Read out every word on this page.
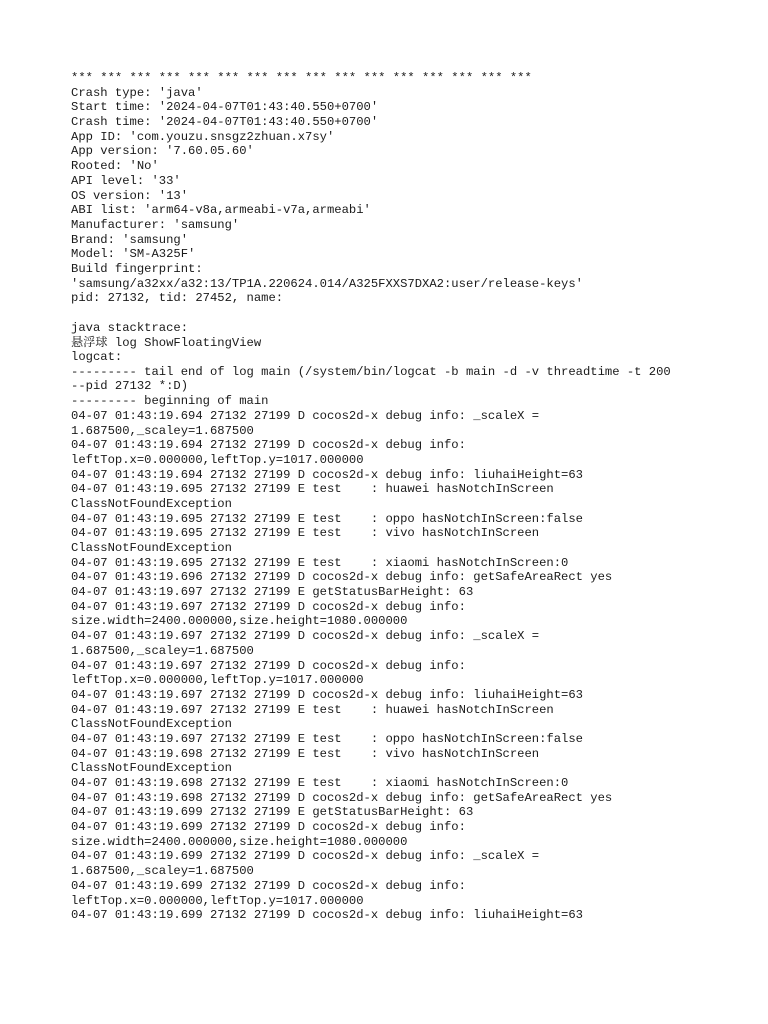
*** *** *** *** *** *** *** *** *** *** *** *** *** *** *** ***
Crash type: 'java'
Start time: '2024-04-07T01:43:40.550+0700'
Crash time: '2024-04-07T01:43:40.550+0700'
App ID: 'com.youzu.snsgz2zhuan.x7sy'
App version: '7.60.05.60'
Rooted: 'No'
API level: '33'
OS version: '13'
ABI list: 'arm64-v8a,armeabi-v7a,armeabi'
Manufacturer: 'samsung'
Brand: 'samsung'
Model: 'SM-A325F'
Build fingerprint:
'samsung/a32xx/a32:13/TP1A.220624.014/A325FXXS7DXA2:user/release-keys'
pid: 27132, tid: 27452, name:
java stacktrace:
悬浮球 log ShowFloatingView
logcat:
--------- tail end of log main (/system/bin/logcat -b main -d -v threadtime -t 200
--pid 27132 *:D)
--------- beginning of main
04-07 01:43:19.694 27132 27199 D cocos2d-x debug info: _scaleX =
1.687500,_scaley=1.687500
04-07 01:43:19.694 27132 27199 D cocos2d-x debug info:
leftTop.x=0.000000,leftTop.y=1017.000000
04-07 01:43:19.694 27132 27199 D cocos2d-x debug info: liuhaiHeight=63
04-07 01:43:19.695 27132 27199 E test    : huawei hasNotchInScreen
ClassNotFoundException
04-07 01:43:19.695 27132 27199 E test    : oppo hasNotchInScreen:false
04-07 01:43:19.695 27132 27199 E test    : vivo hasNotchInScreen
ClassNotFoundException
04-07 01:43:19.695 27132 27199 E test    : xiaomi hasNotchInScreen:0
04-07 01:43:19.696 27132 27199 D cocos2d-x debug info: getSafeAreaRect yes
04-07 01:43:19.697 27132 27199 E getStatusBarHeight: 63
04-07 01:43:19.697 27132 27199 D cocos2d-x debug info:
size.width=2400.000000,size.height=1080.000000
04-07 01:43:19.697 27132 27199 D cocos2d-x debug info: _scaleX =
1.687500,_scaley=1.687500
04-07 01:43:19.697 27132 27199 D cocos2d-x debug info:
leftTop.x=0.000000,leftTop.y=1017.000000
04-07 01:43:19.697 27132 27199 D cocos2d-x debug info: liuhaiHeight=63
04-07 01:43:19.697 27132 27199 E test    : huawei hasNotchInScreen
ClassNotFoundException
04-07 01:43:19.697 27132 27199 E test    : oppo hasNotchInScreen:false
04-07 01:43:19.698 27132 27199 E test    : vivo hasNotchInScreen
ClassNotFoundException
04-07 01:43:19.698 27132 27199 E test    : xiaomi hasNotchInScreen:0
04-07 01:43:19.698 27132 27199 D cocos2d-x debug info: getSafeAreaRect yes
04-07 01:43:19.699 27132 27199 E getStatusBarHeight: 63
04-07 01:43:19.699 27132 27199 D cocos2d-x debug info:
size.width=2400.000000,size.height=1080.000000
04-07 01:43:19.699 27132 27199 D cocos2d-x debug info: _scaleX =
1.687500,_scaley=1.687500
04-07 01:43:19.699 27132 27199 D cocos2d-x debug info:
leftTop.x=0.000000,leftTop.y=1017.000000
04-07 01:43:19.699 27132 27199 D cocos2d-x debug info: liuhaiHeight=63
